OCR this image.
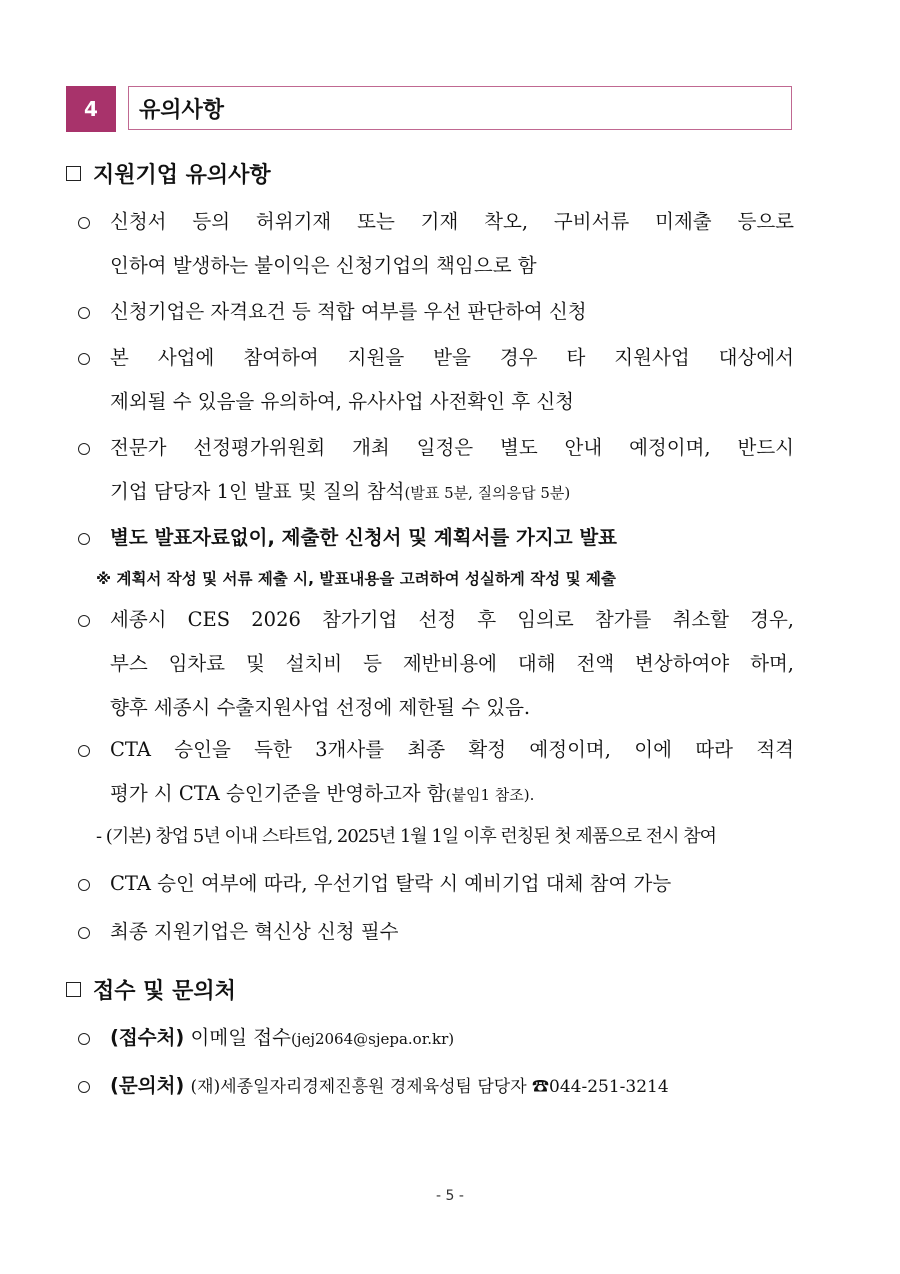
4	유의사항
지원기업 유의사항
신청서 등의 허위기재 또는 기재 착오, 구비서류 미제출 등으로
인하여 발생하는 불이익은 신청기업의 책임으로 함
신청기업은 자격요건 등 적합 여부를 우선 판단하여 신청
본 사업에 참여하여 지원을 받을 경우 타 지원사업 대상에서
제외될 수 있음을 유의하여, 유사사업 사전확인 후 신청
전문가 선정평가위원회 개최 일정은 별도 안내 예정이며, 반드시
기업 담당자 1인 발표 및 질의 참석(발표 5분, 질의응답 5분)
별도 발표자료없이, 제출한 신청서 및 계획서를 가지고 발표
※ 계획서 작성 및 서류 제출 시, 발표내용을 고려하여 성실하게 작성 및 제출
세종시 CES 2026 참가기업 선정 후 임의로 참가를 취소할 경우,
부스 임차료 및 설치비 등 제반비용에 대해 전액 변상하여야 하며,
향후 세종시 수출지원사업 선정에 제한될 수 있음.
CTA 승인을 득한 3개사를 최종 확정 예정이며, 이에 따라 적격
평가 시 CTA 승인기준을 반영하고자 함(붙임1 참조).
- (기본) 창업 5년 이내 스타트업, 2025년 1월 1일 이후 런칭된 첫 제품으로 전시 참여
CTA 승인 여부에 따라, 우선기업 탈락 시 예비기업 대체 참여 가능
최종 지원기업은 혁신상 신청 필수
접수 및 문의처
(접수처) 이메일 접수(jej2064@sjepa.or.kr)
(문의처) (재)세종일자리경제진흥원 경제육성팀 담당자 ☎044-251-3214
- 5 -
